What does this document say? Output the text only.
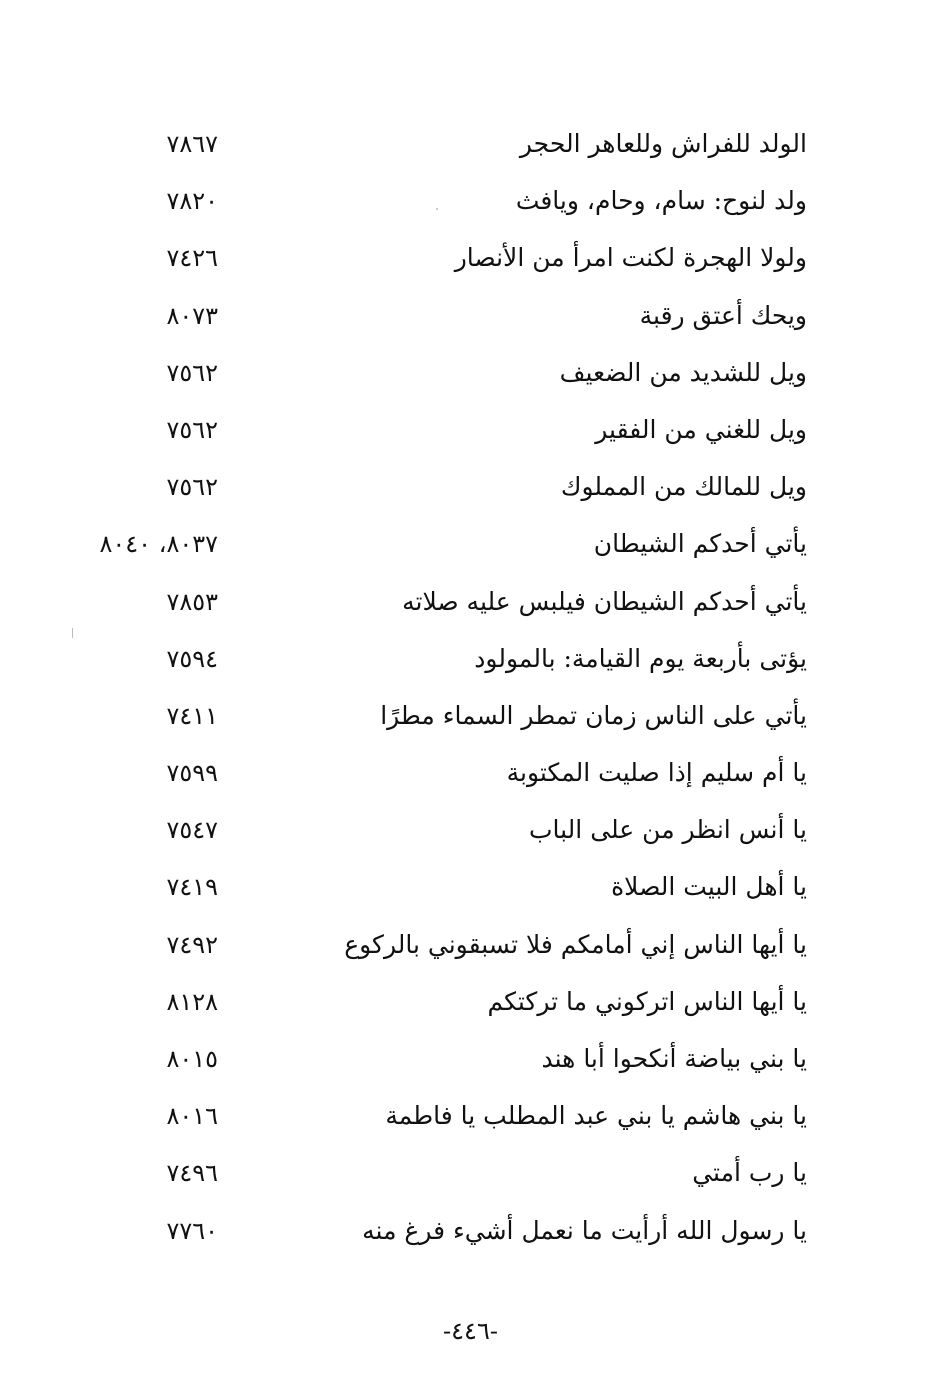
الولد للفراش وللعاهر الحجر
٧٨٦٧
ولد لنوح: سام، وحام، ويافث
٧٨٢٠
ولولا الهجرة لكنت امرأ من الأنصار
٧٤٢٦
ويحك أعتق رقبة
٨٠٧٣
ويل للشديد من الضعيف
٧٥٦٢
ويل للغني من الفقير
٧٥٦٢
ويل للمالك من المملوك
٧٥٦٢
يأتي أحدكم الشيطان
٨٠٣٧، ٨٠٤٠
يأتي أحدكم الشيطان فيلبس عليه صلاته
٧٨٥٣
يؤتى بأربعة يوم القيامة: بالمولود
٧٥٩٤
يأتي على الناس زمان تمطر السماء مطرًا
٧٤١١
يا أم سليم إذا صليت المكتوبة
٧٥٩٩
يا أنس انظر من على الباب
٧٥٤٧
يا أهل البيت الصلاة
٧٤١٩
يا أيها الناس إني أمامكم فلا تسبقوني بالركوع
٧٤٩٢
يا أيها الناس اتركوني ما تركتكم
٨١٢٨
يا بني بياضة أنكحوا أبا هند
٨٠١٥
يا بني هاشم يا بني عبد المطلب يا فاطمة
٨٠١٦
يا رب أمتي
٧٤٩٦
يا رسول الله أرأيت ما نعمل أشيء فرغ منه
٧٧٦٠
-٤٤٦-
